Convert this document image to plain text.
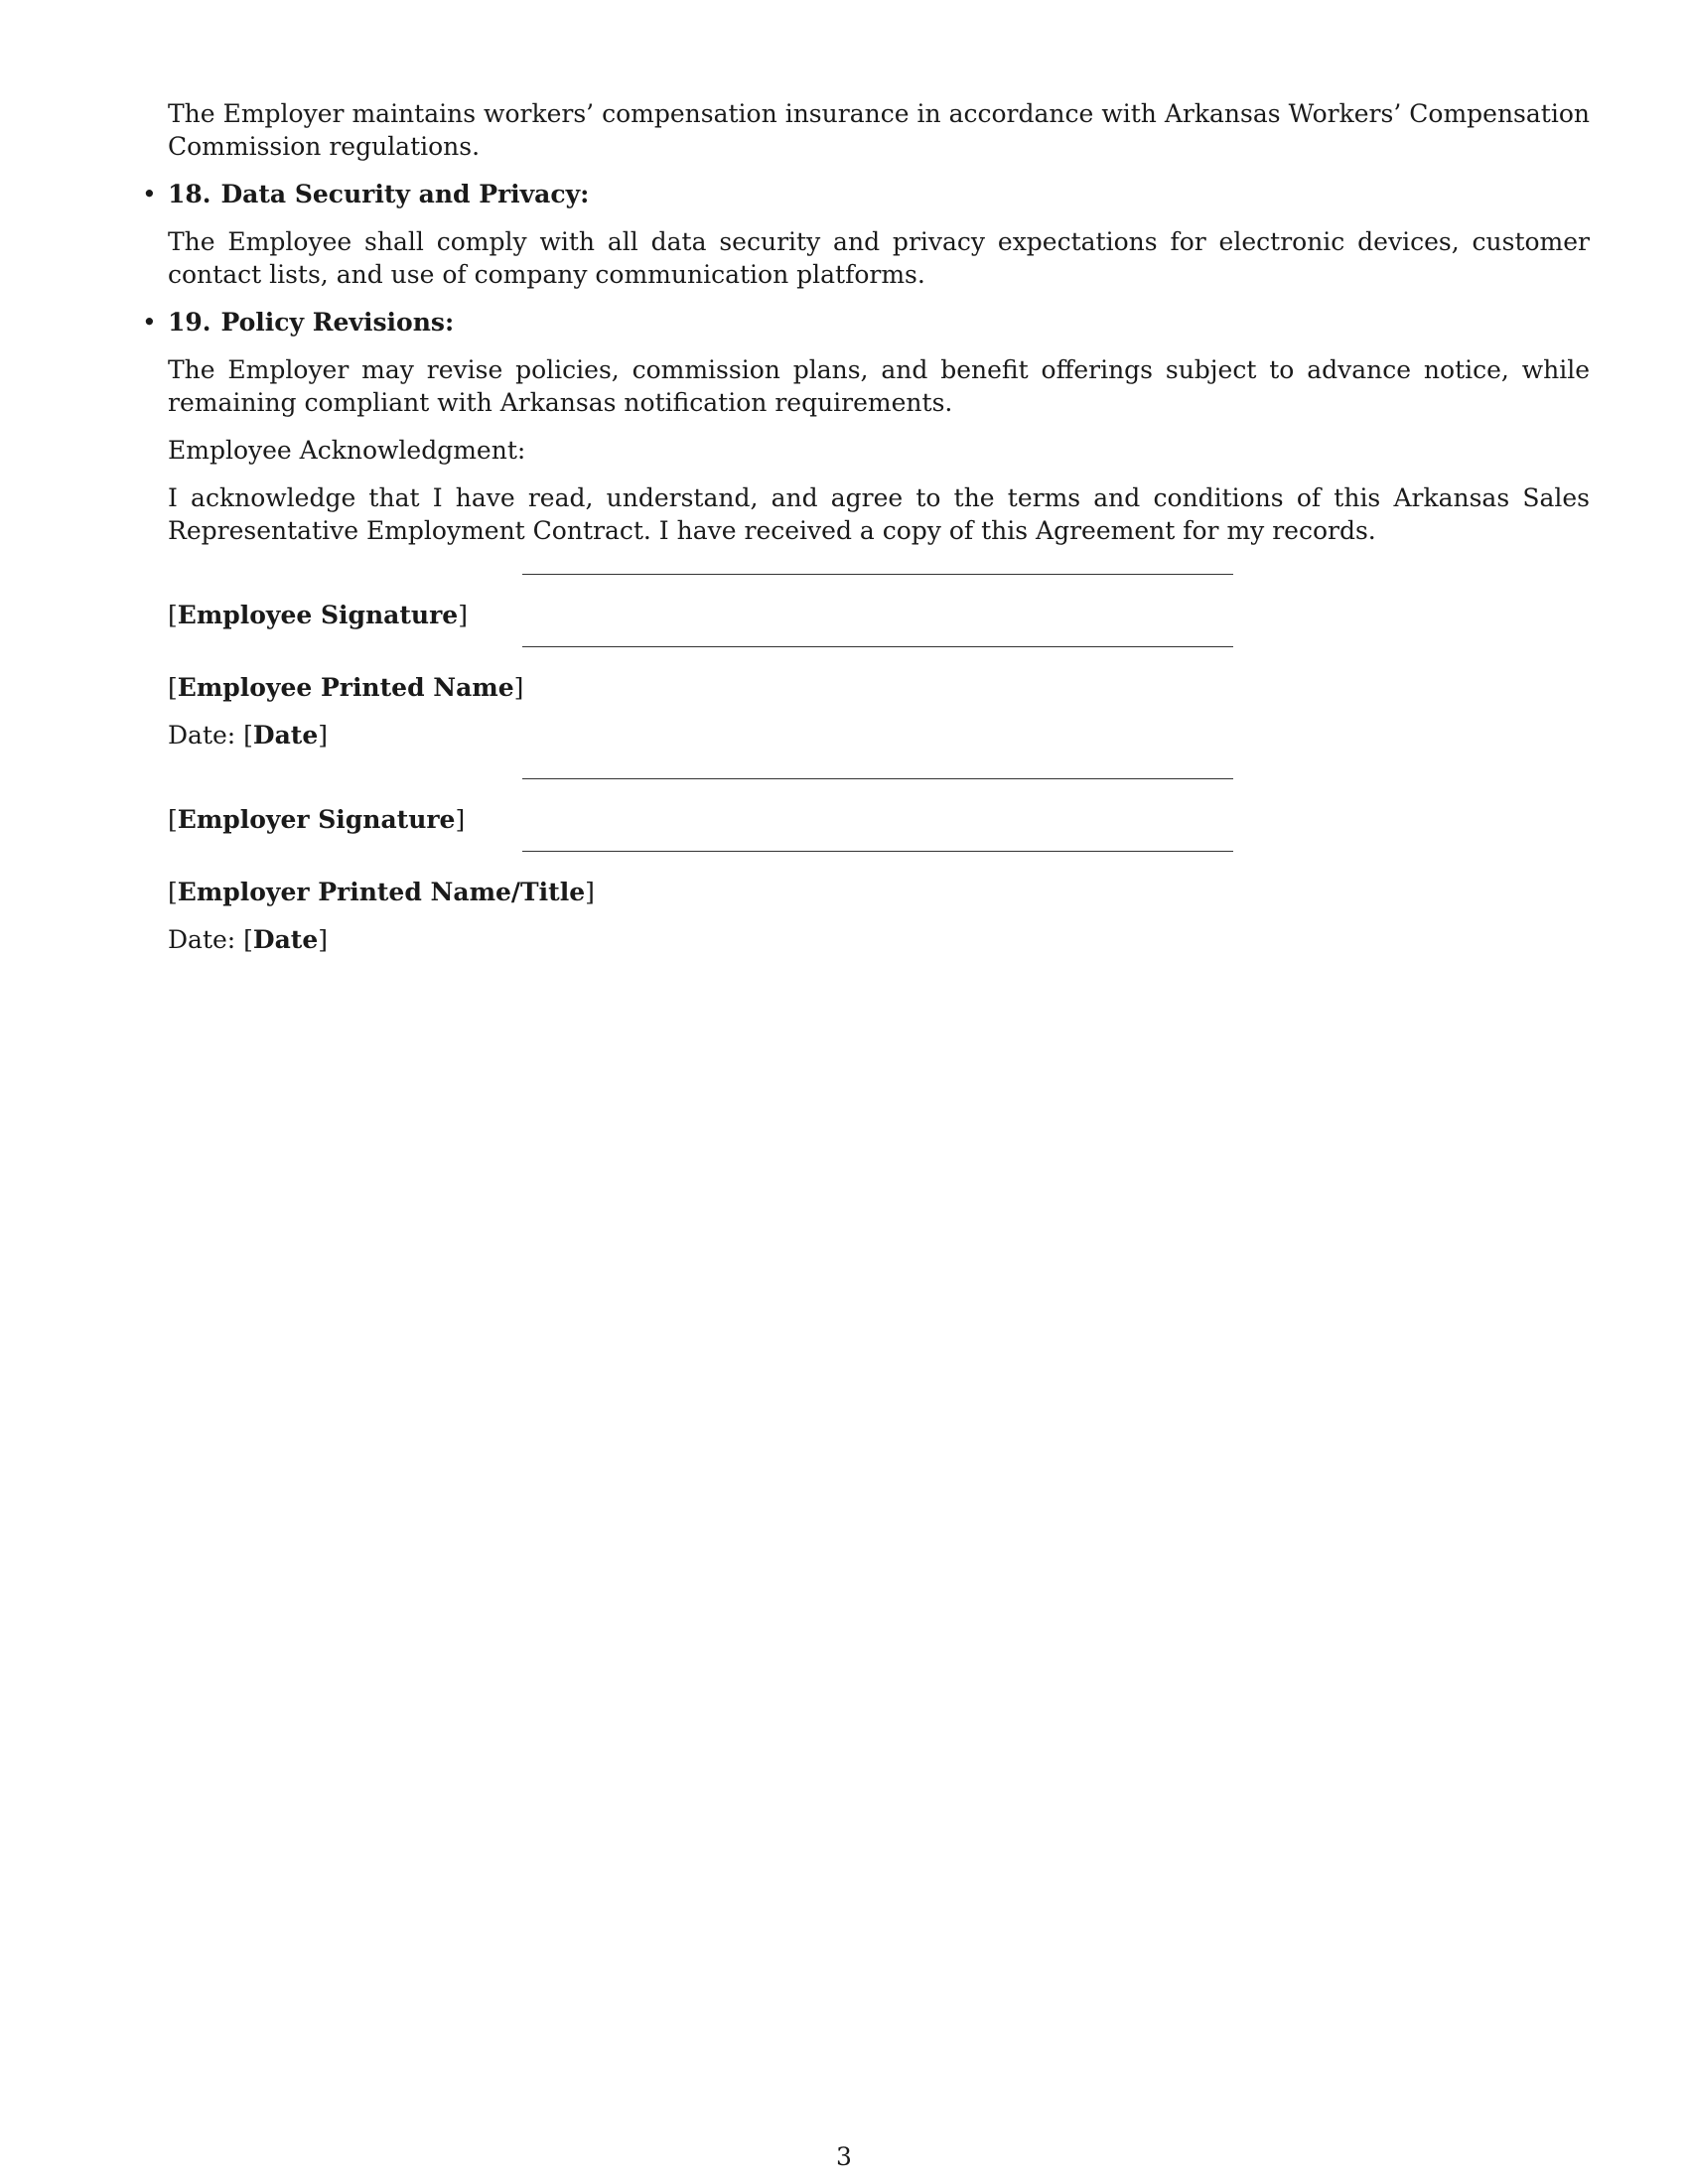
The Employer maintains workers’ compensation insurance in accordance with Arkansas Workers’ Compensation Commission regulations.

• 18. Data Security and Privacy:

The Employee shall comply with all data security and privacy expectations for electronic devices, customer contact lists, and use of company communication platforms.

• 19. Policy Revisions:

The Employer may revise policies, commission plans, and benefit offerings subject to advance notice, while remaining compliant with Arkansas notification requirements.

Employee Acknowledgment:

I acknowledge that I have read, understand, and agree to the terms and conditions of this Arkansas Sales Representative Employment Contract. I have received a copy of this Agreement for my records.

[Employee Signature]
[Employee Printed Name]
Date: [Date]
[Employer Signature]
[Employer Printed Name/Title]
Date: [Date]
3
